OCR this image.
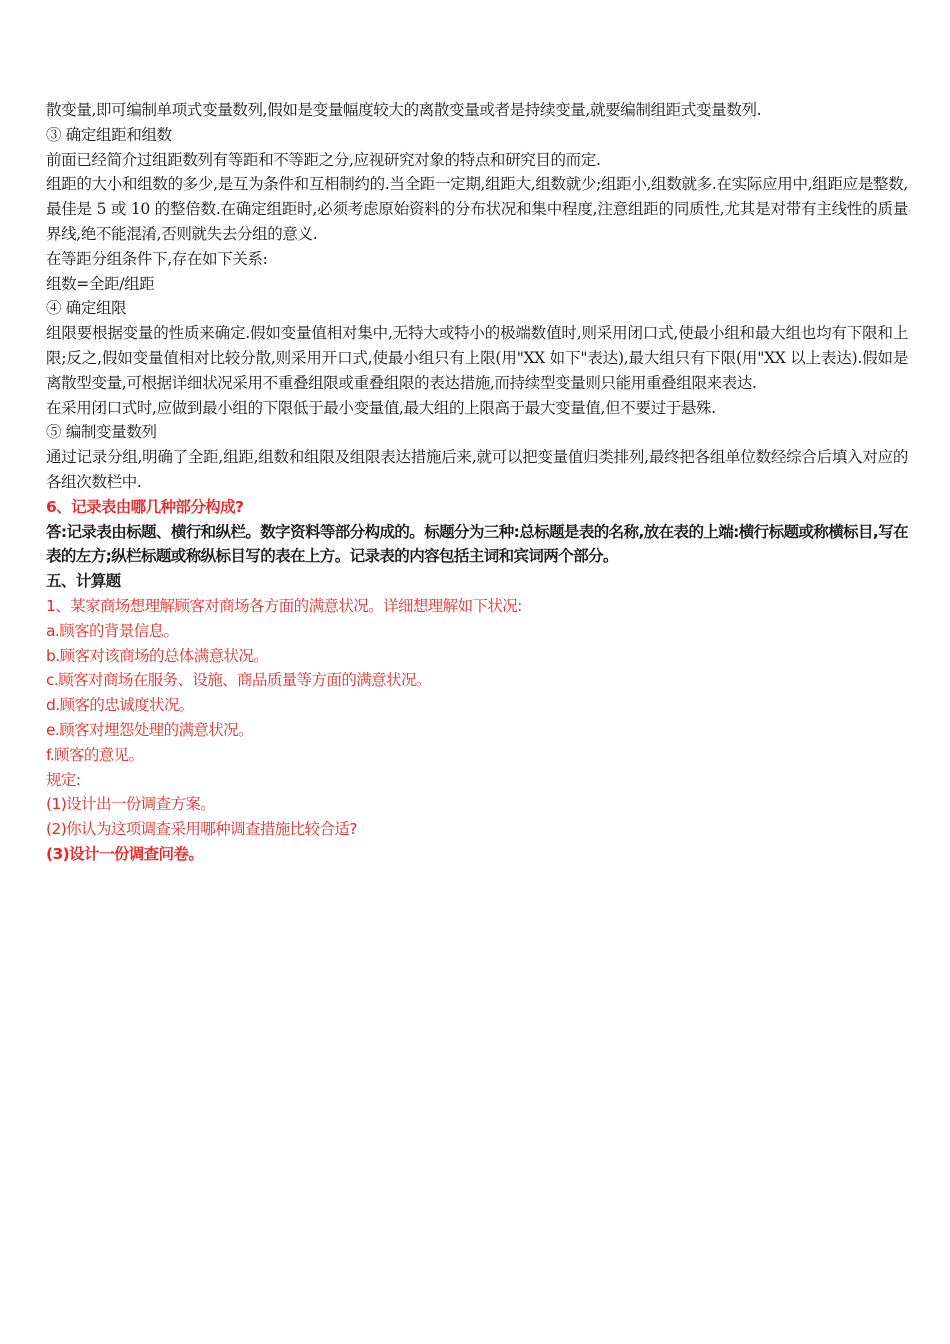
散变量,即可编制单项式变量数列,假如是变量幅度较大的离散变量或者是持续变量,就要编制组距式变量数列.

③ 确定组距和组数

前面已经简介过组距数列有等距和不等距之分,应视研究对象的特点和研究目的而定.

组距的大小和组数的多少,是互为条件和互相制约的.当全距一定期,组距大,组数就少;组距小,组数就多.在实际应用中,组距应是整数,最佳是 5 或 10 的整倍数.在确定组距时,必须考虑原始资料的分布状况和集中程度,注意组距的同质性,尤其是对带有主线性的质量界线,绝不能混淆,否则就失去分组的意义.

在等距分组条件下,存在如下关系:

组数=全距/组距

④ 确定组限

组限要根据变量的性质来确定.假如变量值相对集中,无特大或特小的极端数值时,则采用闭口式,使最小组和最大组也均有下限和上限;反之,假如变量值相对比较分散,则采用开口式,使最小组只有上限(用"XX 如下"表达),最大组只有下限(用"XX 以上表达).假如是离散型变量,可根据详细状况采用不重叠组限或重叠组限的表达措施,而持续型变量则只能用重叠组限来表达.

在采用闭口式时,应做到最小组的下限低于最小变量值,最大组的上限高于最大变量值,但不要过于悬殊.

⑤ 编制变量数列

通过记录分组,明确了全距,组距,组数和组限及组限表达措施后来,就可以把变量值归类排列,最终把各组单位数经综合后填入对应的各组次数栏中.

6、记录表由哪几种部分构成?

答:记录表由标题、横行和纵栏。数字资料等部分构成的。标题分为三种:总标题是表的名称,放在表的上端:横行标题或称横标目,写在表的左方;纵栏标题或称纵标目写的表在上方。记录表的内容包括主词和宾词两个部分。

五、计算题

1、某家商场想理解顾客对商场各方面的满意状况。详细想理解如下状况:

a.顾客的背景信息。

b.顾客对该商场的总体满意状况。

c.顾客对商场在服务、设施、商品质量等方面的满意状况。

d.顾客的忠诚度状况。

e.顾客对埋怨处理的满意状况。

f.顾客的意见。

规定:

(1)设计出一份调查方案。

(2)你认为这项调查采用哪种调查措施比较合适?

(3)设计一份调查问卷。
